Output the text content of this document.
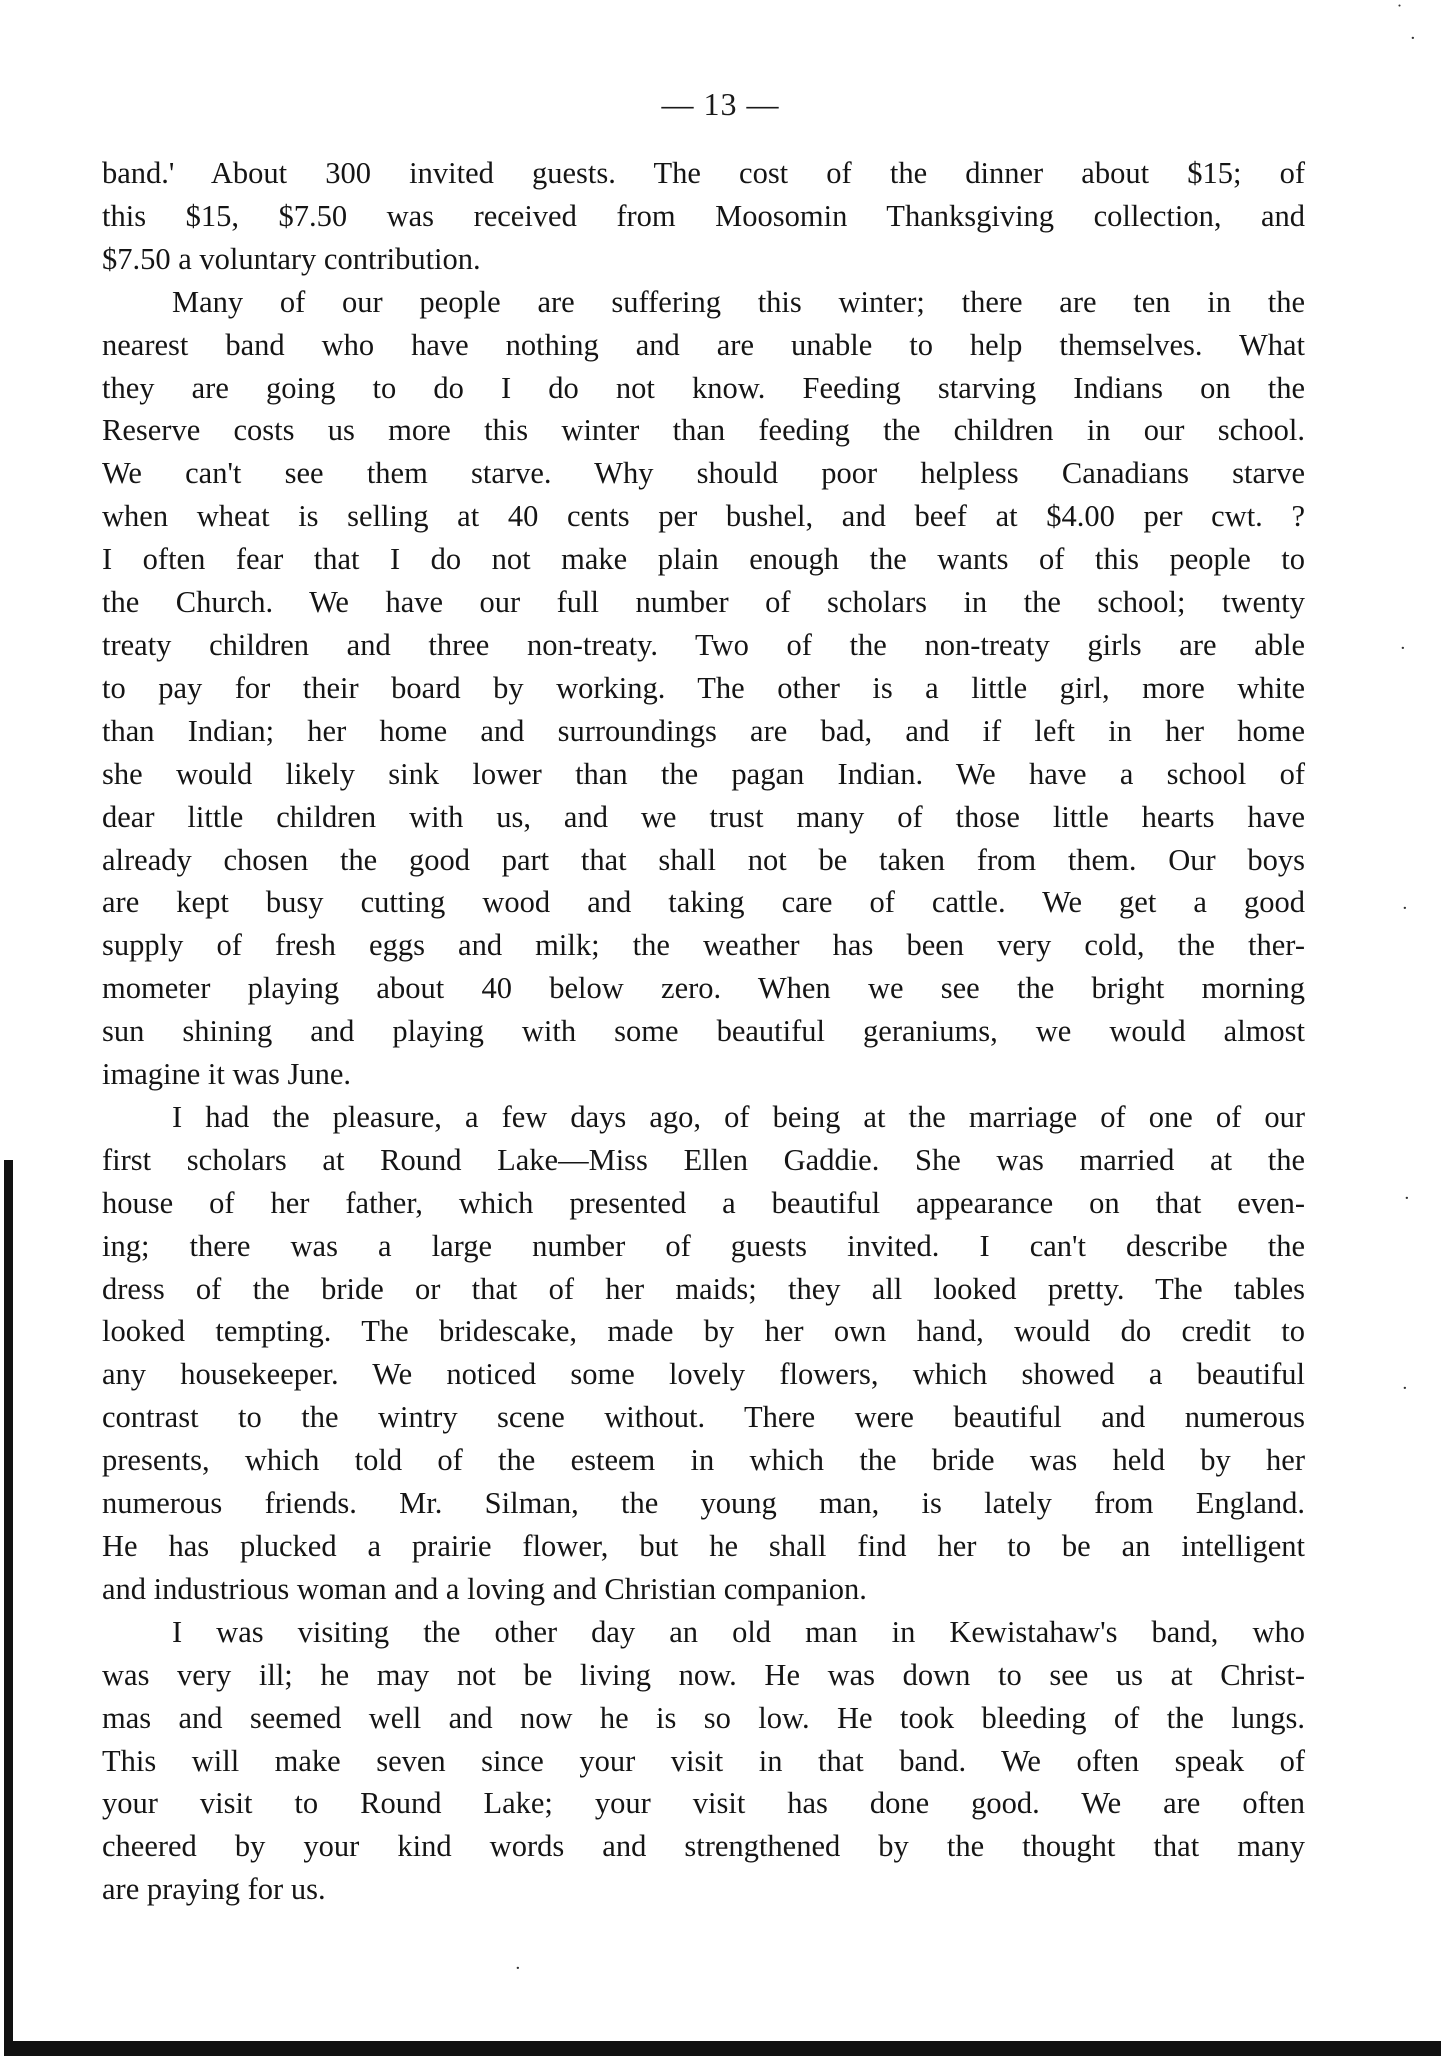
˙
·
·
·
·
·
·
— 13 —
band.' About 300 invited guests. The cost of the dinner about $15; of
this $15, $7.50 was received from Moosomin Thanksgiving collection, and
$7.50 a voluntary contribution.
Many of our people are suffering this winter; there are ten in the
nearest band who have nothing and are unable to help themselves. What
they are going to do I do not know. Feeding starving Indians on the
Reserve costs us more this winter than feeding the children in our school.
We can't see them starve. Why should poor helpless Canadians starve
when wheat is selling at 40 cents per bushel, and beef at $4.00 per cwt. ?
I often fear that I do not make plain enough the wants of this people to
the Church. We have our full number of scholars in the school; twenty
treaty children and three non-treaty. Two of the non-treaty girls are able
to pay for their board by working. The other is a little girl, more white
than Indian; her home and surroundings are bad, and if left in her home
she would likely sink lower than the pagan Indian. We have a school of
dear little children with us, and we trust many of those little hearts have
already chosen the good part that shall not be taken from them. Our boys
are kept busy cutting wood and taking care of cattle. We get a good
supply of fresh eggs and milk; the weather has been very cold, the ther-
mometer playing about 40 below zero. When we see the bright morning
sun shining and playing with some beautiful geraniums, we would almost
imagine it was June.
I had the pleasure, a few days ago, of being at the marriage of one of our
first scholars at Round Lake—Miss Ellen Gaddie. She was married at the
house of her father, which presented a beautiful appearance on that even-
ing; there was a large number of guests invited. I can't describe the
dress of the bride or that of her maids; they all looked pretty. The tables
looked tempting. The bridescake, made by her own hand, would do credit to
any housekeeper. We noticed some lovely flowers, which showed a beautiful
contrast to the wintry scene without. There were beautiful and numerous
presents, which told of the esteem in which the bride was held by her
numerous friends. Mr. Silman, the young man, is lately from England.
He has plucked a prairie flower, but he shall find her to be an intelligent
and industrious woman and a loving and Christian companion.
I was visiting the other day an old man in Kewistahaw's band, who
was very ill; he may not be living now. He was down to see us at Christ-
mas and seemed well and now he is so low. He took bleeding of the lungs.
This will make seven since your visit in that band. We often speak of
your visit to Round Lake; your visit has done good. We are often
cheered by your kind words and strengthened by the thought that many
are praying for us.
